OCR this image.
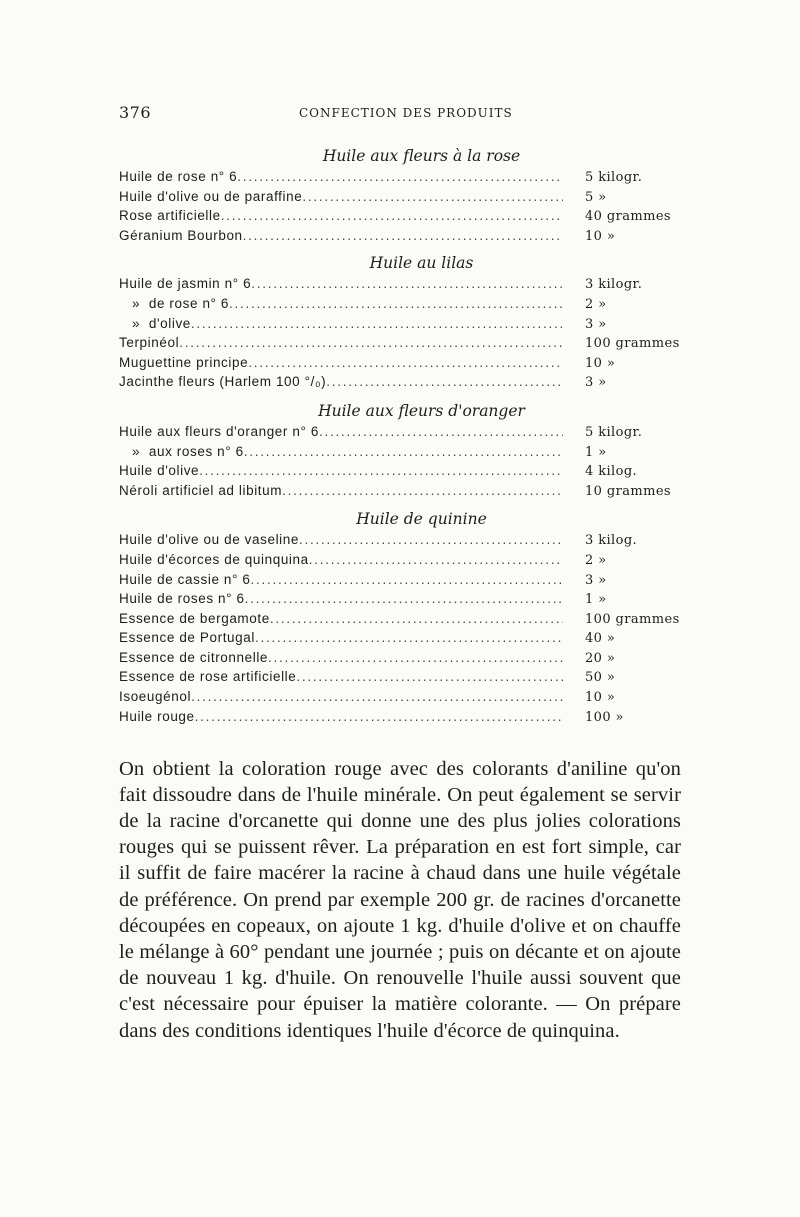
376	CONFECTION DES PRODUITS
Huile aux fleurs à la rose
Huile de rose n° 6 . . .	5 kilogr.
Huile d'olive ou de paraffine . . .	5 »
Rose artificielle . . .	40 grammes
Géranium Bourbon . . .	10 »
Huile au lilas
Huile de jasmin n° 6 . . .	3 kilogr.
»  de rose n° 6 . . .	2 »
»  d'olive . . .	3 »
Terpinéol . . .	100 grammes
Muguettine principe . . .	10 »
Jacinthe fleurs (Harlem 100 °/₀) . . .	3 »
Huile aux fleurs d'oranger
Huile aux fleurs d'oranger n° 6 . . .	5 kilogr.
»  aux roses n° 6 . . .	1 »
Huile d'olive . . .	4 kilog.
Néroli artificiel ad libitum . . .	10 grammes
Huile de quinine
Huile d'olive ou de vaseline . . .	3 kilog.
Huile d'écorces de quinquina . . .	2 »
Huile de cassie n° 6 . . .	3 »
Huile de roses n° 6 . . .	1 »
Essence de bergamote . . .	100 grammes
Essence de Portugal . . .	40 »
Essence de citronnelle . . .	20 »
Essence de rose artificielle . . .	50 »
Isoeugénol . . .	10 »
Huile rouge . . .	100 »

On obtient la coloration rouge avec des colorants d'aniline qu'on fait dissoudre dans de l'huile minérale. On peut également se servir de la racine d'orcanette qui donne une des plus jolies colorations rouges qui se puissent rêver. La préparation en est fort simple, car il suffit de faire macérer la racine à chaud dans une huile végétale de préférence. On prend par exemple 200 gr. de racines d'orcanette découpées en copeaux, on ajoute 1 kg. d'huile d'olive et on chauffe le mélange à 60° pendant une journée ; puis on décante et on ajoute de nouveau 1 kg. d'huile. On renouvelle l'huile aussi souvent que c'est nécessaire pour épuiser la matière colorante. — On prépare dans des conditions identiques l'huile d'écorce de quinquina.
